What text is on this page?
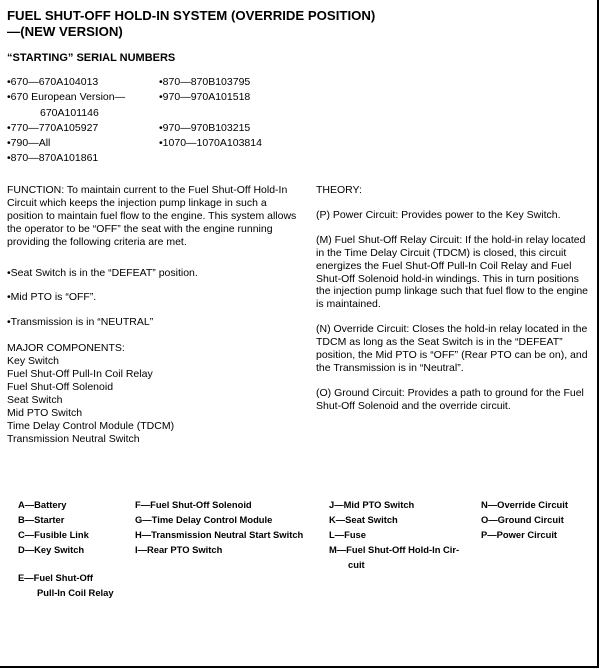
FUEL SHUT-OFF HOLD-IN SYSTEM (OVERRIDE POSITION)
—(NEW VERSION)
“STARTING” SERIAL NUMBERS
•670—670A104013
•670 European Version—
670A101146
•770—770A105927
•790—All
•870—870A101861
•870—870B103795
•970—970A101518

•970—970B103215
•1070—1070A103814

FUNCTION: To maintain current to the Fuel Shut-Off Hold-In Circuit which keeps the injection pump linkage in such a position to maintain fuel flow to the engine. This system allows the operator to be “OFF” the seat with the engine running providing the following criteria are met.

•Seat Switch is in the “DEFEAT” position.

•Mid PTO is “OFF”.

•Transmission is in “NEUTRAL”

MAJOR COMPONENTS:
Key Switch
Fuel Shut-Off Pull-In Coil Relay
Fuel Shut-Off Solenoid
Seat Switch
Mid PTO Switch
Time Delay Control Module (TDCM)
Transmission Neutral Switch

THEORY:

(P) Power Circuit: Provides power to the Key Switch.

(M) Fuel Shut-Off Relay Circuit: If the hold-in relay located in the Time Delay Circuit (TDCM) is closed, this circuit energizes the Fuel Shut-Off Pull-In Coil Relay and Fuel Shut-Off Solenoid hold-in windings. This in turn positions the injection pump linkage such that fuel flow to the engine is maintained.

(N) Override Circuit: Closes the hold-in relay located in the TDCM as long as the Seat Switch is in the “DEFEAT” position, the Mid PTO is “OFF” (Rear PTO can be on), and the Transmission is in “Neutral”.

(O) Ground Circuit: Provides a path to ground for the Fuel Shut-Off Solenoid and the override circuit.

A—Battery
B—Starter
C—Fusible Link
D—Key Switch
E—Fuel Shut-Off
Pull-In Coil Relay
F—Fuel Shut-Off Solenoid
G—Time Delay Control Module
H—Transmission Neutral Start Switch
I—Rear PTO Switch
J—Mid PTO Switch
K—Seat Switch
L—Fuse
M—Fuel Shut-Off Hold-In Cir-
cuit
N—Override Circuit
O—Ground Circuit
P—Power Circuit
